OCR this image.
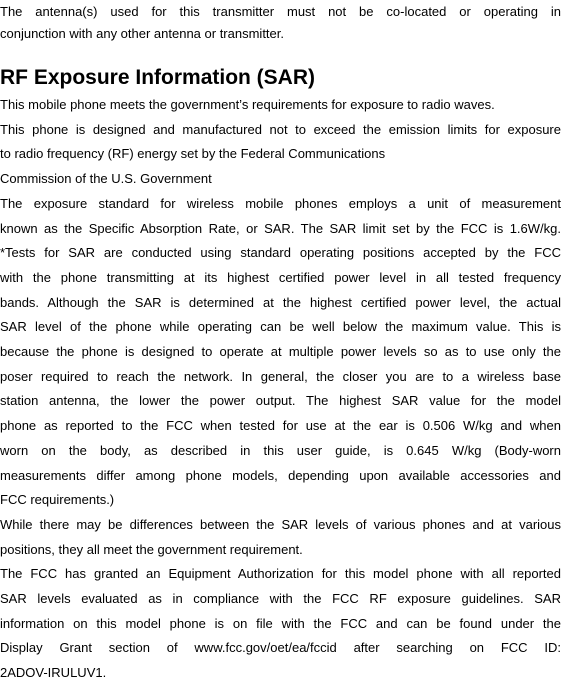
The antenna(s) used for this transmitter must not be co-located or operating in
conjunction with any other antenna or transmitter.
RF Exposure Information (SAR)
This mobile phone meets the government’s requirements for exposure to radio waves.
This phone is designed and manufactured not to exceed the emission limits for exposure
to radio frequency (RF) energy set by the Federal Communications
Commission of the U.S. Government
The exposure standard for wireless mobile phones employs a unit of measurement
known as the Specific Absorption Rate, or SAR. The SAR limit set by the FCC is 1.6W/kg.
*Tests for SAR are conducted using standard operating positions accepted by the FCC
with the phone transmitting at its highest certified power level in all tested frequency
bands. Although the SAR is determined at the highest certified power level, the actual
SAR level of the phone while operating can be well below the maximum value. This is
because the phone is designed to operate at multiple power levels so as to use only the
poser required to reach the network. In general, the closer you are to a wireless base
station antenna, the lower the power output. The highest SAR value for the model
phone as reported to the FCC when tested for use at the ear is 0.506 W/kg and when
worn on the body, as described in this user guide, is 0.645 W/kg (Body-worn
measurements differ among phone models, depending upon available accessories and
FCC requirements.)
While there may be differences between the SAR levels of various phones and at various
positions, they all meet the government requirement.
The FCC has granted an Equipment Authorization for this model phone with all reported
SAR levels evaluated as in compliance with the FCC RF exposure guidelines. SAR
information on this model phone is on file with the FCC and can be found under the
Display Grant section of www.fcc.gov/oet/ea/fccid after searching on FCC ID:
2ADOV-IRULUV1.
